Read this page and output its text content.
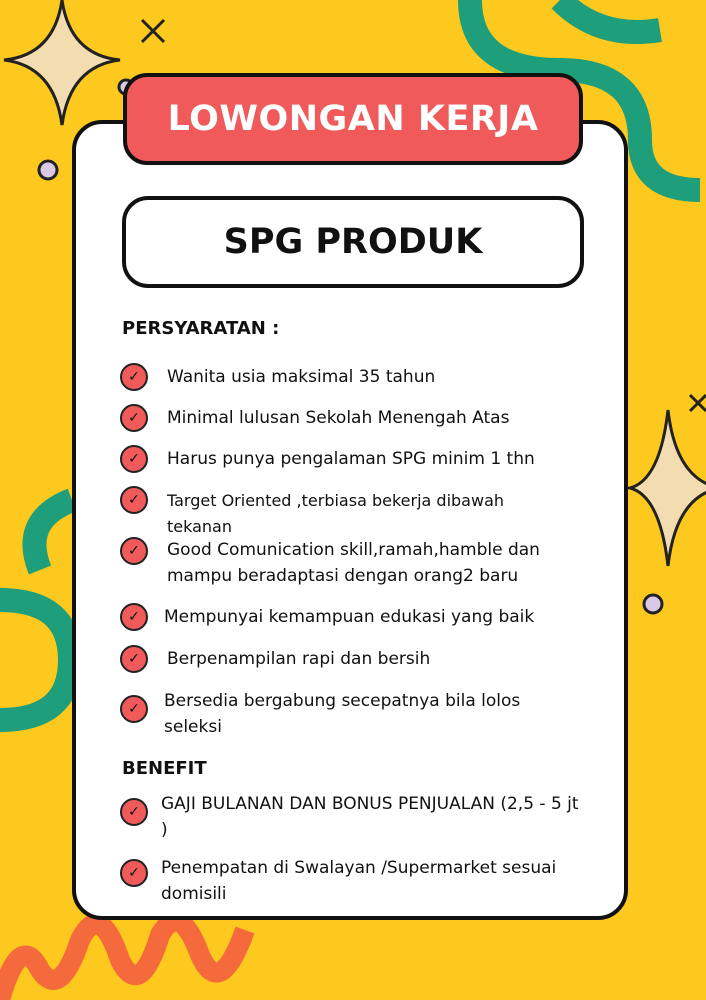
LOWONGAN KERJA
SPG PRODUK
PERSYARATAN :
✓	Wanita usia maksimal 35 tahun
✓	Minimal lulusan Sekolah Menengah Atas
✓	Harus punya pengalaman SPG minim 1 thn
✓	Target Oriented ,terbiasa bekerja dibawah tekanan
✓	Good Comunication skill,ramah,hamble dan mampu beradaptasi dengan orang2 baru
✓	Mempunyai kemampuan edukasi yang baik
✓	Berpenampilan rapi dan bersih
✓	Bersedia bergabung secepatnya bila lolos seleksi
BENEFIT
✓	GAJI BULANAN DAN BONUS PENJUALAN (2,5 - 5 jt )
✓	Penempatan di Swalayan /Supermarket sesuai domisili
